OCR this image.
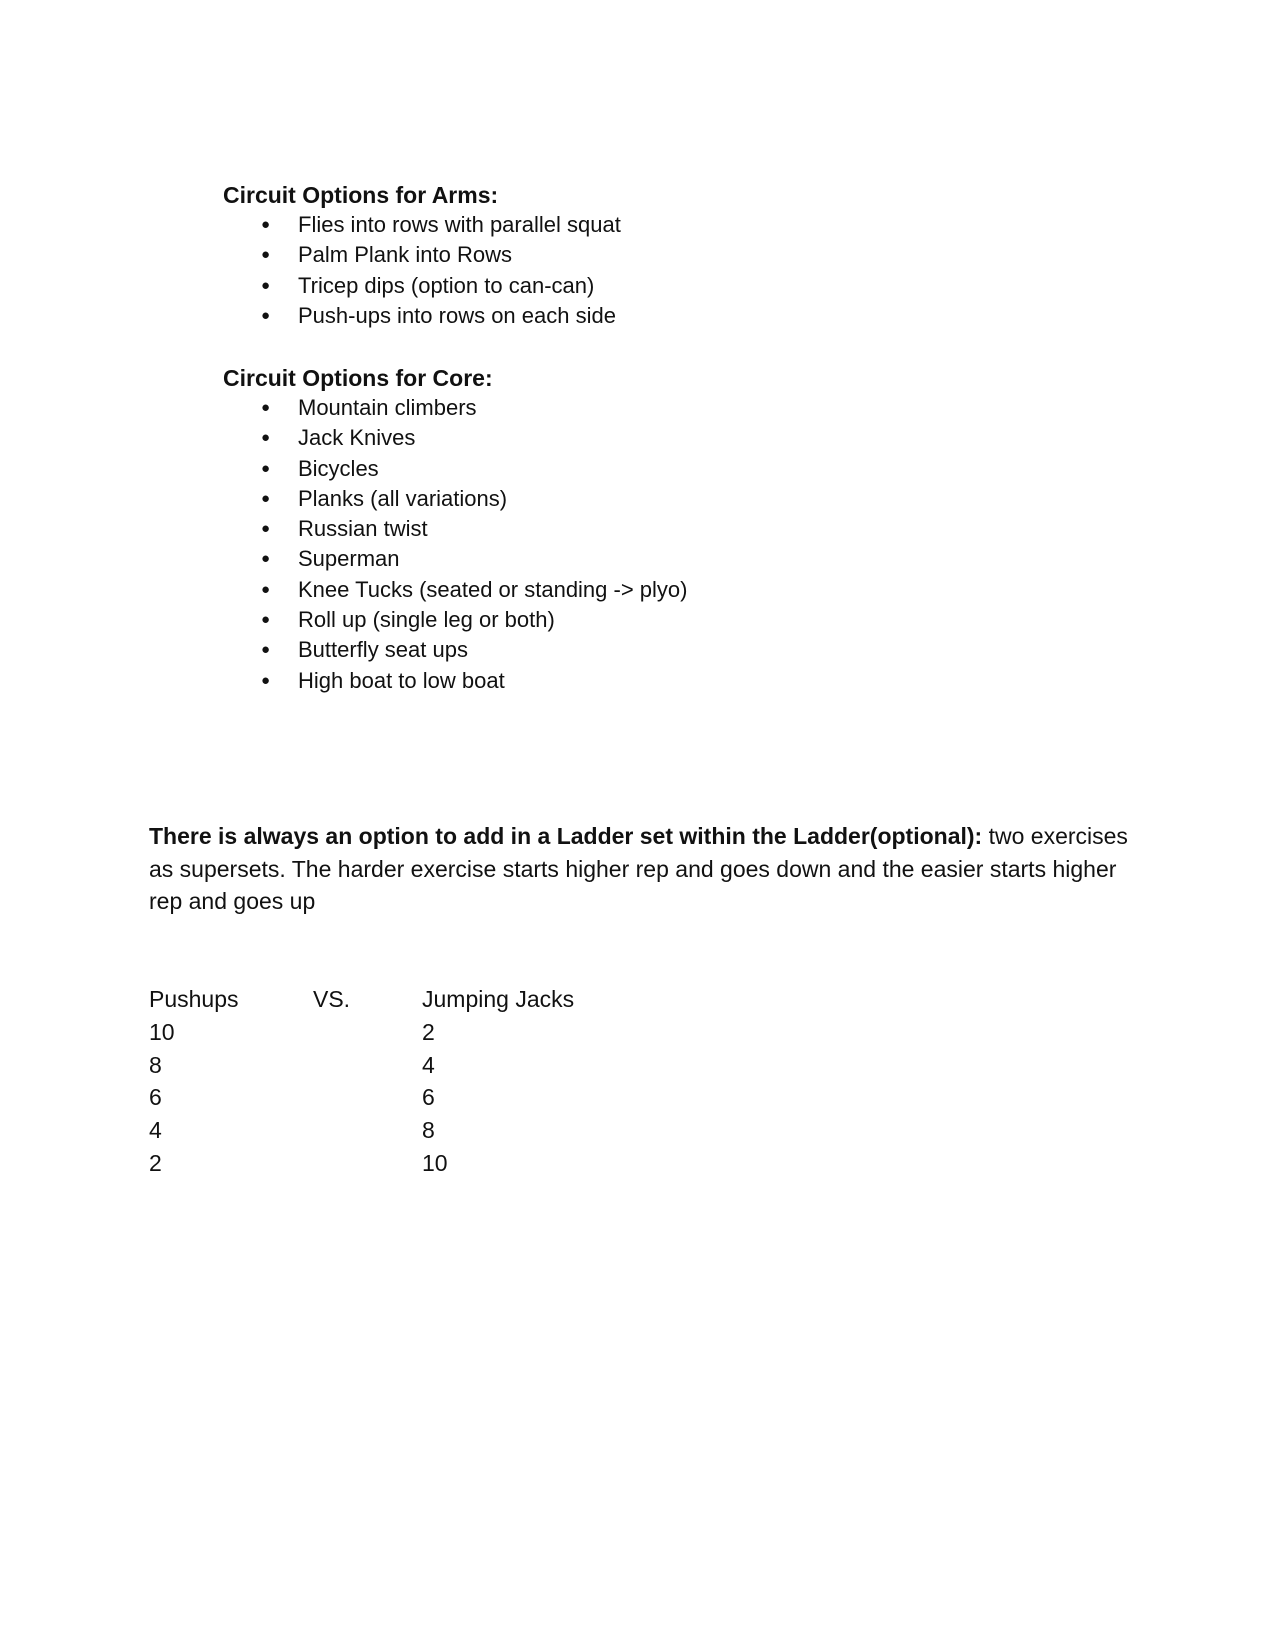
Circuit Options for Arms:
● Flies into rows with parallel squat
● Palm Plank into Rows
● Tricep dips (option to can-can)
● Push-ups into rows on each side
Circuit Options for Core:
● Mountain climbers
● Jack Knives
● Bicycles
● Planks (all variations)
● Russian twist
● Superman
● Knee Tucks (seated or standing -> plyo)
● Roll up (single leg or both)
● Butterfly seat ups
● High boat to low boat

There is always an option to add in a Ladder set within the Ladder(optional): two exercises as supersets. The harder exercise starts higher rep and goes down and the easier starts higher rep and goes up

Pushups	VS.	Jumping Jacks
10		2
8		4
6		6
4		8
2		10
